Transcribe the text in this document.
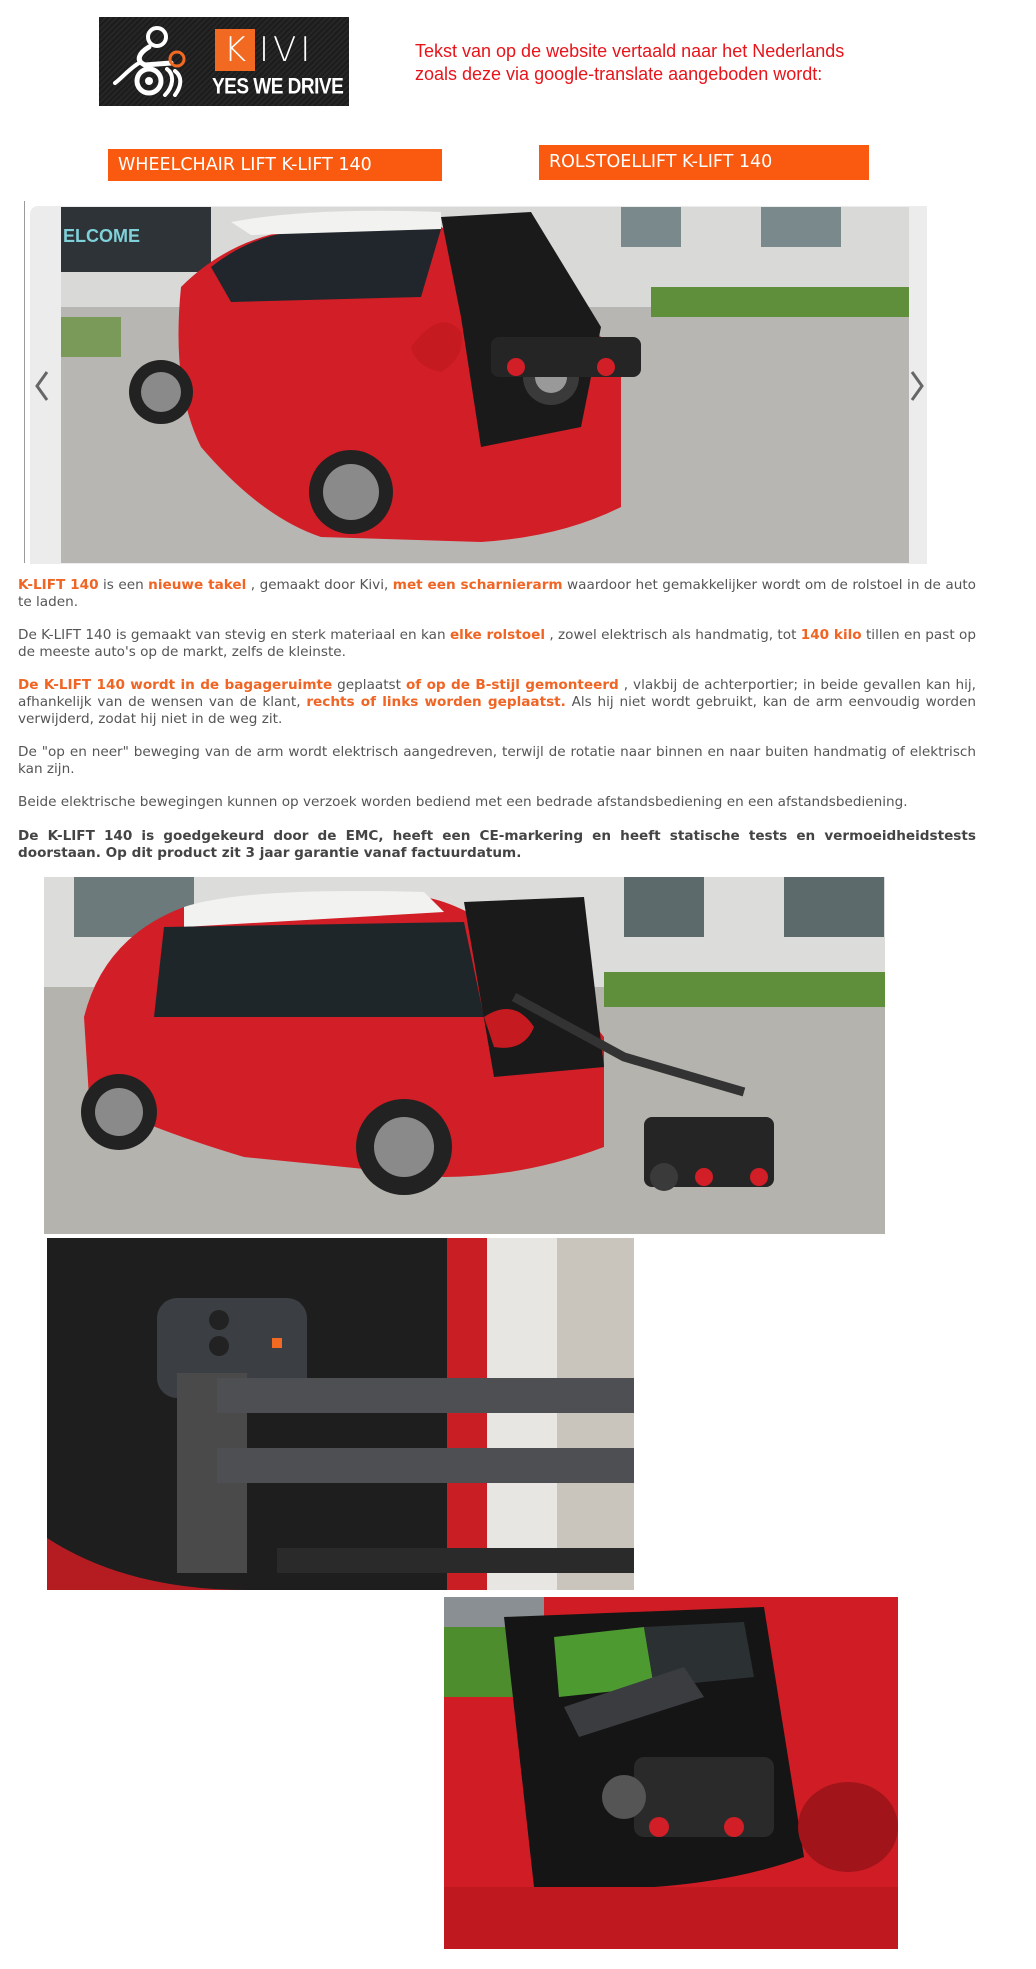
K IVI
YES WE DRIVE
Tekst van op de website vertaald naar het Nederlands
zoals deze via google-translate aangeboden wordt:
WHEELCHAIR LIFT K-LIFT 140	ROLSTOELLIFT K-LIFT 140
ELCOME

K-LIFT 140 is een nieuwe takel , gemaakt door Kivi, met een scharnierarm waardoor het gemakkelijker wordt om de rolstoel in de auto te laden.

De K-LIFT 140 is gemaakt van stevig en sterk materiaal en kan elke rolstoel , zowel elektrisch als handmatig, tot 140 kilo tillen en past op de meeste auto's op de markt, zelfs de kleinste.

De K-LIFT 140 wordt in de bagageruimte geplaatst of op de B-stijl gemonteerd , vlakbij de achterportier; in beide gevallen kan hij, afhankelijk van de wensen van de klant, rechts of links worden geplaatst. Als hij niet wordt gebruikt, kan de arm eenvoudig worden verwijderd, zodat hij niet in de weg zit.

De "op en neer" beweging van de arm wordt elektrisch aangedreven, terwijl de rotatie naar binnen en naar buiten handmatig of elektrisch kan zijn.

Beide elektrische bewegingen kunnen op verzoek worden bediend met een bedrade afstandsbediening en een afstandsbediening.

De K-LIFT 140 is goedgekeurd door de EMC, heeft een CE-markering en heeft statische tests en vermoeidheidstests doorstaan. Op dit product zit 3 jaar garantie vanaf factuurdatum.
